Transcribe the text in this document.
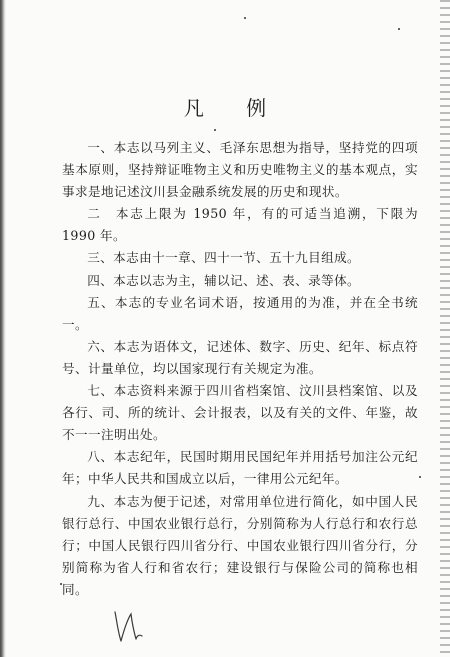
凡 例

一、本志以马列主义、毛泽东思想为指导，坚持党的四项基本原则，坚持辩证唯物主义和历史唯物主义的基本观点，实事求是地记述汶川县金融系统发展的历史和现状。

二　本志上限为 1950 年，有的可适当追溯，下限为 1990 年。

三、本志由十一章、四十一节、五十九目组成。

四、本志以志为主，辅以记、述、表、录等体。

五、本志的专业名词术语，按通用的为准，并在全书统一。

六、本志为语体文，记述体、数字、历史、纪年、标点符号、计量单位，均以国家现行有关规定为准。

七、本志资料来源于四川省档案馆、汶川县档案馆、以及各行、司、所的统计、会计报表，以及有关的文件、年鉴，故不一一注明出处。

八、本志纪年，民国时期用民国纪年并用括号加注公元纪年；中华人民共和国成立以后，一律用公元纪年。

九、本志为便于记述，对常用单位进行简化，如中国人民银行总行、中国农业银行总行，分别简称为人行总行和农行总行；中国人民银行四川省分行、中国农业银行四川省分行，分别简称为省人行和省农行；建设银行与保险公司的简称也相同。
